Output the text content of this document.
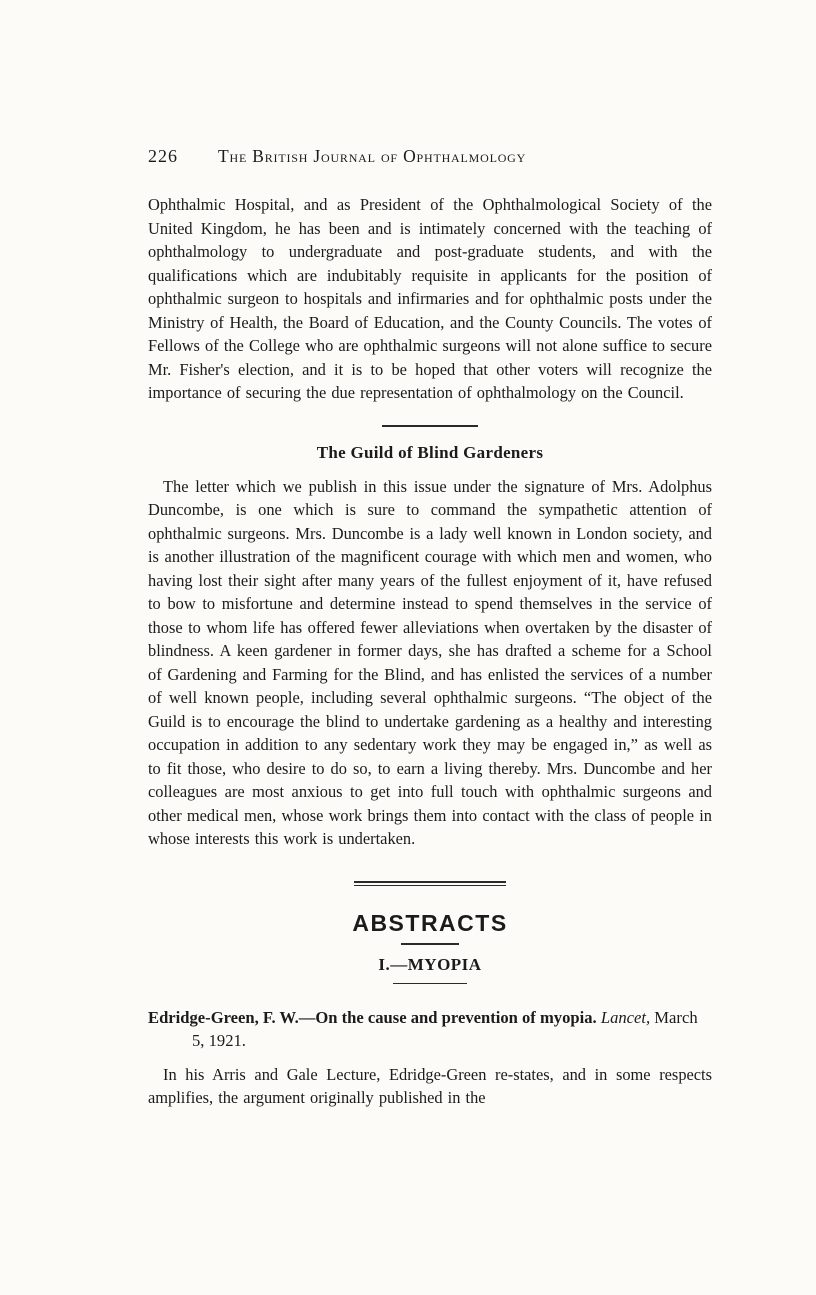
226 The British Journal of Ophthalmology

Ophthalmic Hospital, and as President of the Ophthalmological Society of the United Kingdom, he has been and is intimately concerned with the teaching of ophthalmology to undergraduate and post-graduate students, and with the qualifications which are indubitably requisite in applicants for the position of ophthalmic surgeon to hospitals and infirmaries and for ophthalmic posts under the Ministry of Health, the Board of Education, and the County Councils. The votes of Fellows of the College who are ophthalmic surgeons will not alone suffice to secure Mr. Fisher's election, and it is to be hoped that other voters will recognize the importance of securing the due representation of ophthalmology on the Council.

The Guild of Blind Gardeners

The letter which we publish in this issue under the signature of Mrs. Adolphus Duncombe, is one which is sure to command the sympathetic attention of ophthalmic surgeons. Mrs. Duncombe is a lady well known in London society, and is another illustration of the magnificent courage with which men and women, who having lost their sight after many years of the fullest enjoyment of it, have refused to bow to misfortune and determine instead to spend themselves in the service of those to whom life has offered fewer alleviations when overtaken by the disaster of blindness. A keen gardener in former days, she has drafted a scheme for a School of Gardening and Farming for the Blind, and has enlisted the services of a number of well known people, including several ophthalmic surgeons. “The object of the Guild is to encourage the blind to undertake gardening as a healthy and interesting occupation in addition to any sedentary work they may be engaged in,” as well as to fit those, who desire to do so, to earn a living thereby. Mrs. Duncombe and her colleagues are most anxious to get into full touch with ophthalmic surgeons and other medical men, whose work brings them into contact with the class of people in whose interests this work is undertaken.

ABSTRACTS
I.—MYOPIA

Edridge-Green, F. W.—On the cause and prevention of myopia. Lancet, March 5, 1921.

In his Arris and Gale Lecture, Edridge-Green re-states, and in some respects amplifies, the argument originally published in the
